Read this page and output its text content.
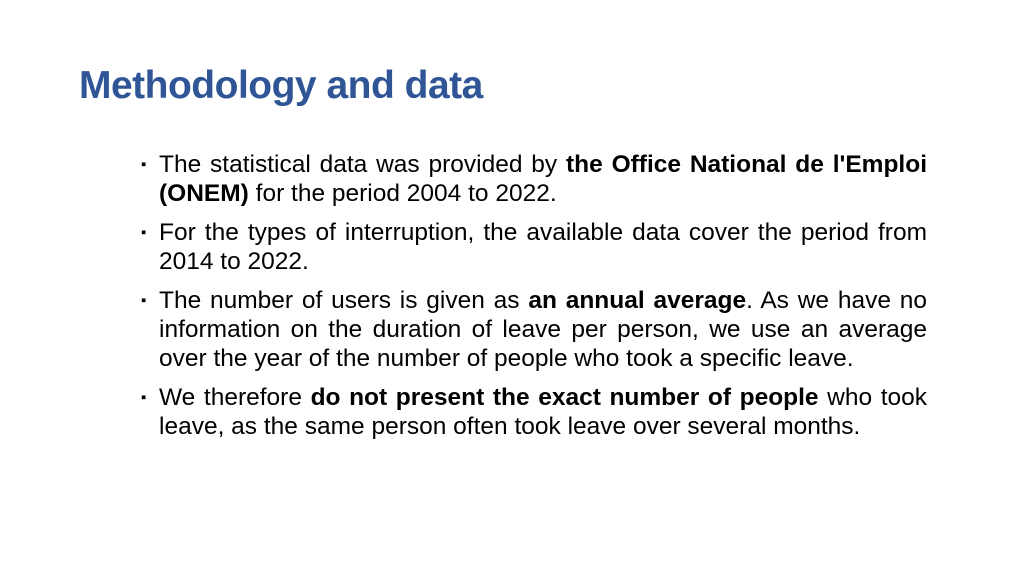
Methodology and data
▪ The statistical data was provided by the Office National de l'Emploi (ONEM) for the period 2004 to 2022.
▪ For the types of interruption, the available data cover the period from 2014 to 2022.
▪ The number of users is given as an annual average. As we have no information on the duration of leave per person, we use an average over the year of the number of people who took a specific leave.
▪ We therefore do not present the exact number of people who took leave, as the same person often took leave over several months.
